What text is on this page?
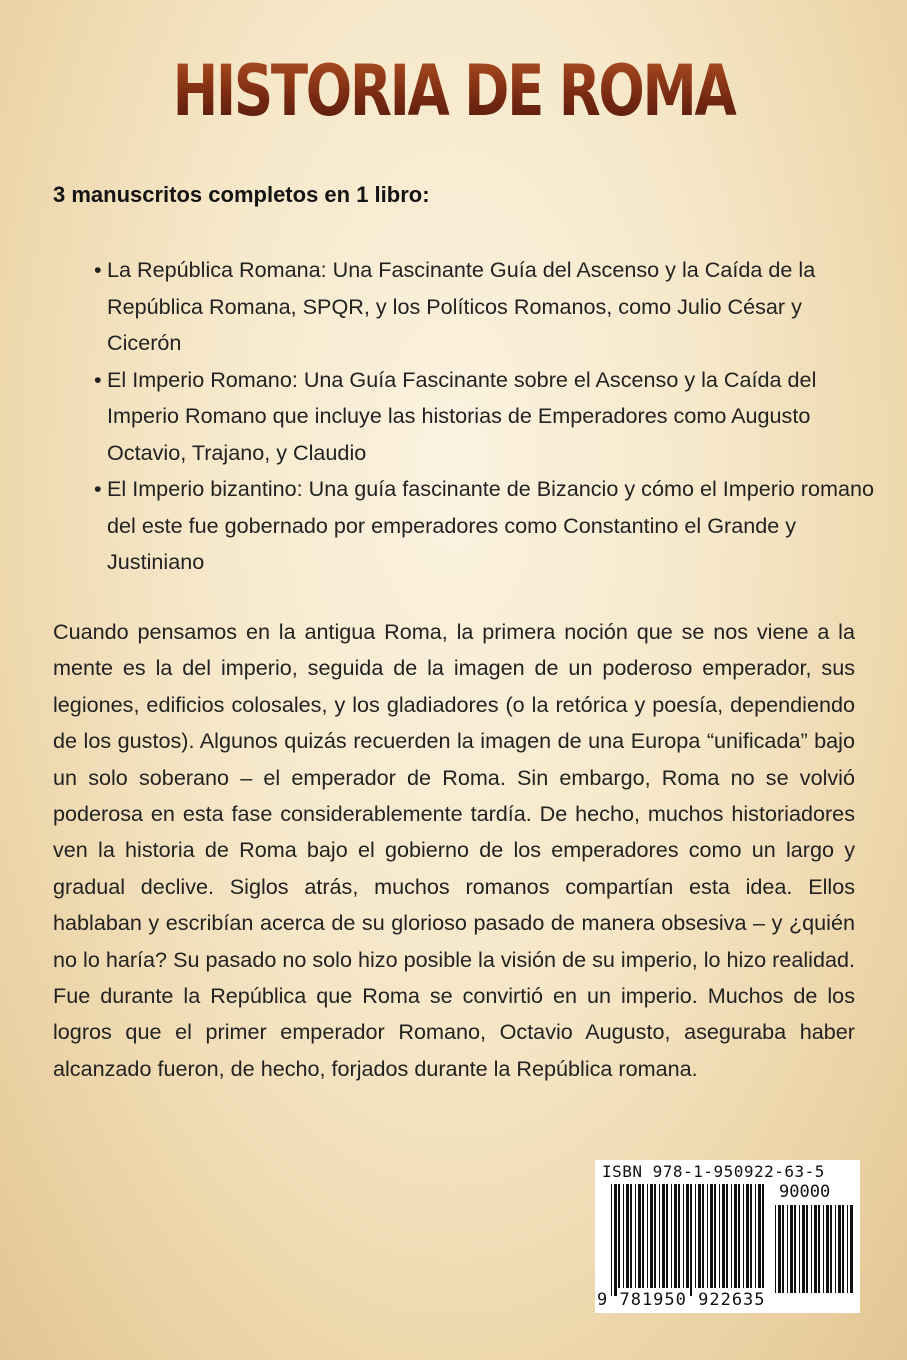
HISTORIA DE ROMA
3 manuscritos completos en 1 libro:
• La República Romana: Una Fascinante Guía del Ascenso y la Caída de la República Romana, SPQR, y los Políticos Romanos, como Julio César y Cicerón
• El Imperio Romano: Una Guía Fascinante sobre el Ascenso y la Caída del Imperio Romano que incluye las historias de Emperadores como Augusto Octavio, Trajano, y Claudio
• El Imperio bizantino: Una guía fascinante de Bizancio y cómo el Imperio romano del este fue gobernado por emperadores como Constantino el Grande y Justiniano

Cuando pensamos en la antigua Roma, la primera noción que se nos viene a la mente es la del imperio, seguida de la imagen de un poderoso emperador, sus legiones, edificios colosales, y los gladiadores (o la retórica y poesía, dependiendo de los gustos). Algunos quizás recuerden la imagen de una Europa “unificada” bajo un solo soberano – el emperador de Roma. Sin embargo, Roma no se volvió poderosa en esta fase considerablemente tardía. De hecho, muchos historiadores ven la historia de Roma bajo el gobierno de los emperadores como un largo y gradual declive. Siglos atrás, muchos romanos compartían esta idea. Ellos hablaban y escribían acerca de su glorioso pasado de manera obsesiva – y ¿quién no lo haría? Su pasado no solo hizo posible la visión de su imperio, lo hizo realidad. Fue durante la República que Roma se convirtió en un imperio. Muchos de los logros que el primer emperador Romano, Octavio Augusto, aseguraba haber alcanzado fueron, de hecho, forjados durante la República romana.

ISBN 978-1-950922-63-5
90000
9 781950 922635
